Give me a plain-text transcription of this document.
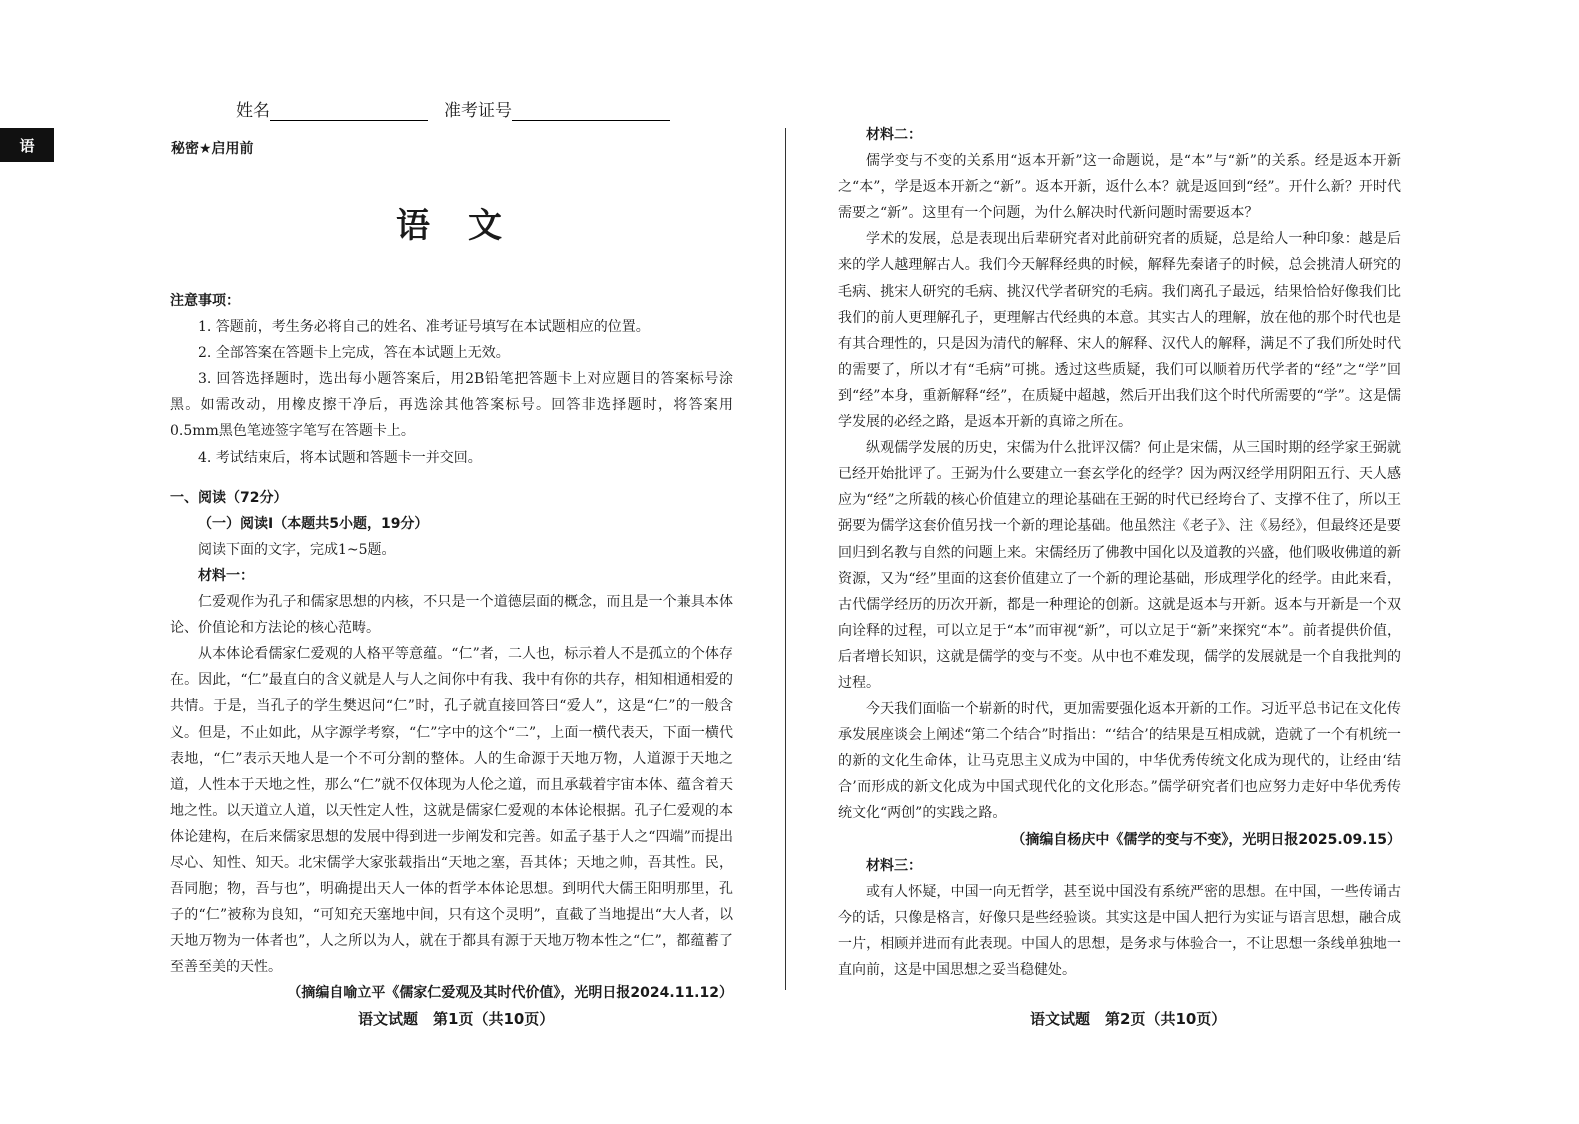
语
姓名	准考证号
秘密★启用前
语文

注意事项：

1. 答题前，考生务必将自己的姓名、准考证号填写在本试题相应的位置。

2. 全部答案在答题卡上完成，答在本试题上无效。

3. 回答选择题时，选出每小题答案后，用2B铅笔把答题卡上对应题目的答案标号涂黑。如需改动，用橡皮擦干净后，再选涂其他答案标号。回答非选择题时，将答案用0.5mm黑色笔迹签字笔写在答题卡上。

4. 考试结束后，将本试题和答题卡一并交回。

一、阅读（72分）

（一）阅读Ⅰ（本题共5小题，19分）

阅读下面的文字，完成1~5题。

材料一：

仁爱观作为孔子和儒家思想的内核，不只是一个道德层面的概念，而且是一个兼具本体论、价值论和方法论的核心范畴。

从本体论看儒家仁爱观的人格平等意蕴。“仁”者，二人也，标示着人不是孤立的个体存在。因此，“仁”最直白的含义就是人与人之间你中有我、我中有你的共存，相知相通相爱的共情。于是，当孔子的学生樊迟问“仁”时，孔子就直接回答曰“爱人”，这是“仁”的一般含义。但是，不止如此，从字源学考察，“仁”字中的这个“二”，上面一横代表天，下面一横代表地，“仁”表示天地人是一个不可分割的整体。人的生命源于天地万物，人道源于天地之道，人性本于天地之性，那么“仁”就不仅体现为人伦之道，而且承载着宇宙本体、蕴含着天地之性。以天道立人道，以天性定人性，这就是儒家仁爱观的本体论根据。孔子仁爱观的本体论建构，在后来儒家思想的发展中得到进一步阐发和完善。如孟子基于人之“四端”而提出尽心、知性、知天。北宋儒学大家张载指出“天地之塞，吾其体；天地之帅，吾其性。民，吾同胞；物，吾与也”，明确提出天人一体的哲学本体论思想。到明代大儒王阳明那里，孔子的“仁”被称为良知，“可知充天塞地中间，只有这个灵明”，直截了当地提出“大人者，以天地万物为一体者也”，人之所以为人，就在于都具有源于天地万物本性之“仁”，都蕴蓄了至善至美的天性。

（摘编自喻立平《儒家仁爱观及其时代价值》，光明日报2024.11.12）

材料二：

儒学变与不变的关系用“返本开新”这一命题说，是“本”与“新”的关系。经是返本开新之“本”，学是返本开新之“新”。返本开新，返什么本？就是返回到“经”。开什么新？开时代需要之“新”。这里有一个问题，为什么解决时代新问题时需要返本？

学术的发展，总是表现出后辈研究者对此前研究者的质疑，总是给人一种印象：越是后来的学人越理解古人。我们今天解释经典的时候，解释先秦诸子的时候，总会挑清人研究的毛病、挑宋人研究的毛病、挑汉代学者研究的毛病。我们离孔子最远，结果恰恰好像我们比我们的前人更理解孔子，更理解古代经典的本意。其实古人的理解，放在他的那个时代也是有其合理性的，只是因为清代的解释、宋人的解释、汉代人的解释，满足不了我们所处时代的需要了，所以才有“毛病”可挑。透过这些质疑，我们可以顺着历代学者的“经”之“学”回到“经”本身，重新解释“经”，在质疑中超越，然后开出我们这个时代所需要的“学”。这是儒学发展的必经之路，是返本开新的真谛之所在。

纵观儒学发展的历史，宋儒为什么批评汉儒？何止是宋儒，从三国时期的经学家王弼就已经开始批评了。王弼为什么要建立一套玄学化的经学？因为两汉经学用阴阳五行、天人感应为“经”之所载的核心价值建立的理论基础在王弼的时代已经垮台了、支撑不住了，所以王弼要为儒学这套价值另找一个新的理论基础。他虽然注《老子》、注《易经》，但最终还是要回归到名教与自然的问题上来。宋儒经历了佛教中国化以及道教的兴盛，他们吸收佛道的新资源，又为“经”里面的这套价值建立了一个新的理论基础，形成理学化的经学。由此来看，古代儒学经历的历次开新，都是一种理论的创新。这就是返本与开新。返本与开新是一个双向诠释的过程，可以立足于“本”而审视“新”，可以立足于“新”来探究“本”。前者提供价值，后者增长知识，这就是儒学的变与不变。从中也不难发现，儒学的发展就是一个自我批判的过程。

今天我们面临一个崭新的时代，更加需要强化返本开新的工作。习近平总书记在文化传承发展座谈会上阐述“第二个结合”时指出：“‘结合’的结果是互相成就，造就了一个有机统一的新的文化生命体，让马克思主义成为中国的，中华优秀传统文化成为现代的，让经由‘结合’而形成的新文化成为中国式现代化的文化形态。”儒学研究者们也应努力走好中华优秀传统文化“两创”的实践之路。

（摘编自杨庆中《儒学的变与不变》，光明日报2025.09.15）

材料三：

或有人怀疑，中国一向无哲学，甚至说中国没有系统严密的思想。在中国，一些传诵古今的话，只像是格言，好像只是些经验谈。其实这是中国人把行为实证与语言思想，融合成一片，相顾并进而有此表现。中国人的思想，是务求与体验合一，不让思想一条线单独地一直向前，这是中国思想之妥当稳健处。

语文试题　第1页（共10页）	语文试题　第2页（共10页）
